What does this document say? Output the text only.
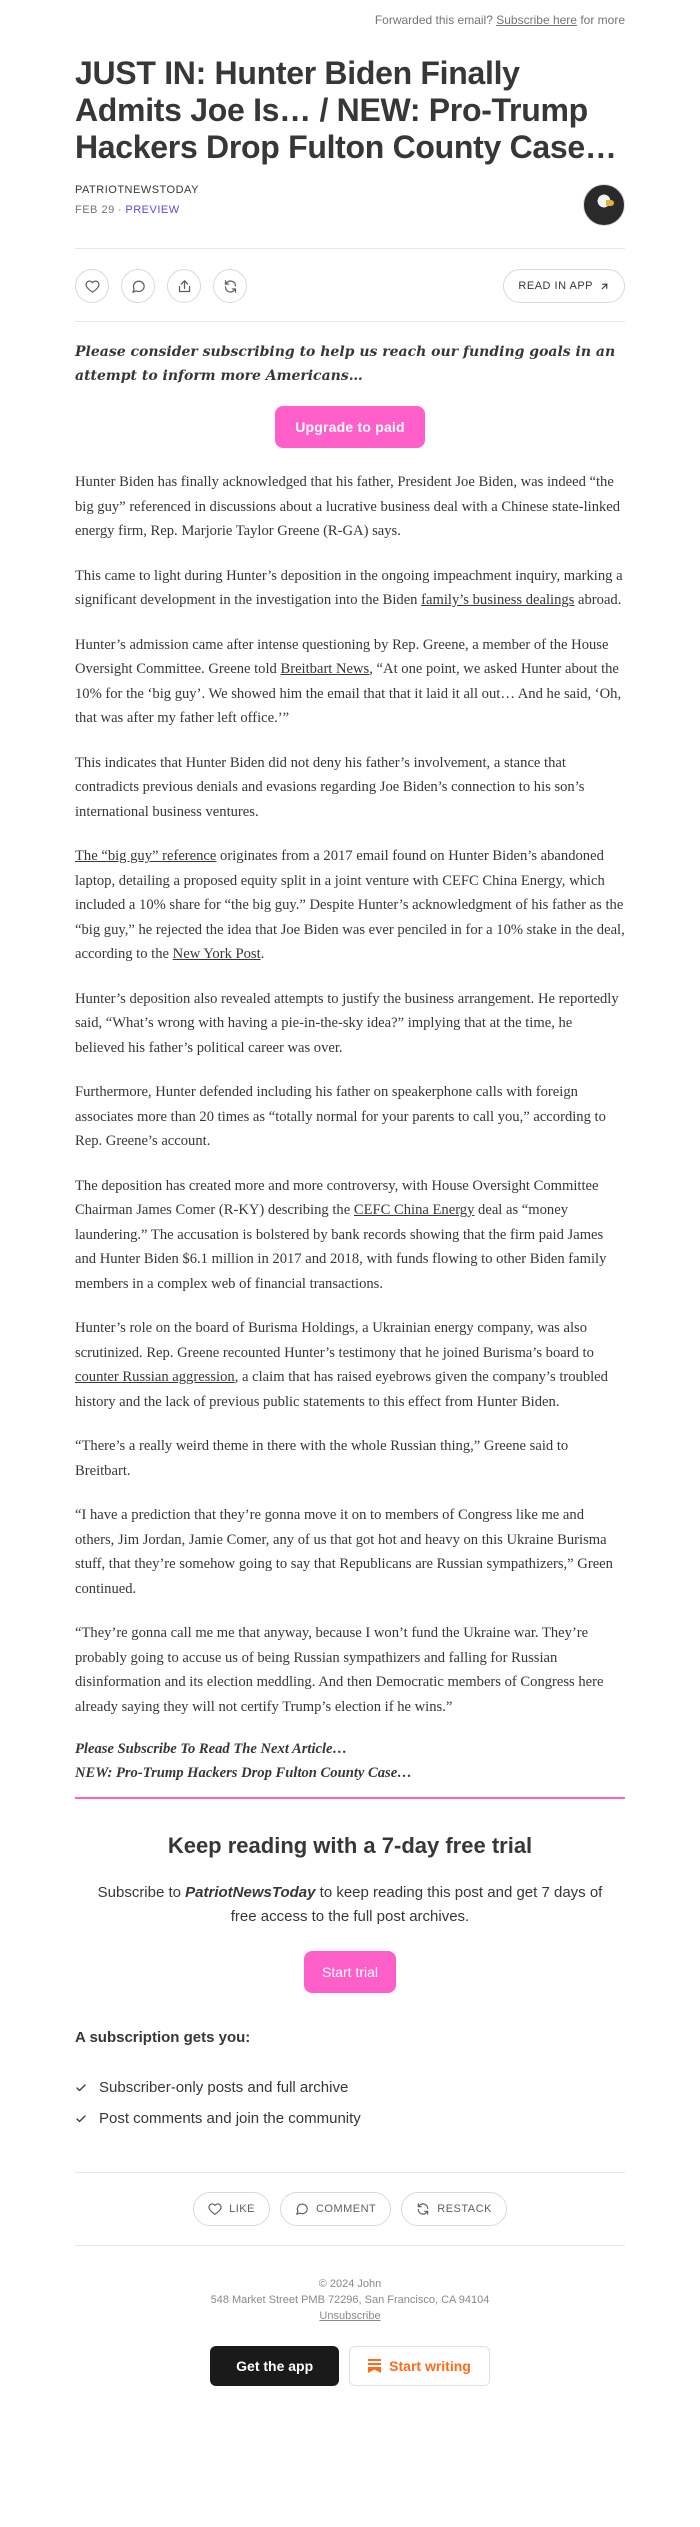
Forwarded this email? Subscribe here for more
JUST IN: Hunter Biden Finally Admits Joe Is… / NEW: Pro-Trump Hackers Drop Fulton County Case…
PATRIOTNEWSTODAY
FEB 29 ∙ PREVIEW
READ IN APP
Please consider subscribing to help us reach our funding goals in an attempt to inform more Americans…
Upgrade to paid

Hunter Biden has finally acknowledged that his father, President Joe Biden, was indeed “the big guy” referenced in discussions about a lucrative business deal with a Chinese state-linked energy firm, Rep. Marjorie Taylor Greene (R-GA) says.

This came to light during Hunter’s deposition in the ongoing impeachment inquiry, marking a significant development in the investigation into the Biden family’s business dealings abroad.

Hunter’s admission came after intense questioning by Rep. Greene, a member of the House Oversight Committee. Greene told Breitbart News, “At one point, we asked Hunter about the 10% for the ‘big guy’. We showed him the email that that it laid it all out… And he said, ‘Oh, that was after my father left office.’”

This indicates that Hunter Biden did not deny his father’s involvement, a stance that contradicts previous denials and evasions regarding Joe Biden’s connection to his son’s international business ventures.

The “big guy” reference originates from a 2017 email found on Hunter Biden’s abandoned laptop, detailing a proposed equity split in a joint venture with CEFC China Energy, which included a 10% share for “the big guy.” Despite Hunter’s acknowledgment of his father as the “big guy,” he rejected the idea that Joe Biden was ever penciled in for a 10% stake in the deal, according to the New York Post.

Hunter’s deposition also revealed attempts to justify the business arrangement. He reportedly said, “What’s wrong with having a pie-in-the-sky idea?” implying that at the time, he believed his father’s political career was over.

Furthermore, Hunter defended including his father on speakerphone calls with foreign associates more than 20 times as “totally normal for your parents to call you,” according to Rep. Greene’s account.

The deposition has created more and more controversy, with House Oversight Committee Chairman James Comer (R-KY) describing the CEFC China Energy deal as “money laundering.” The accusation is bolstered by bank records showing that the firm paid James and Hunter Biden $6.1 million in 2017 and 2018, with funds flowing to other Biden family members in a complex web of financial transactions.

Hunter’s role on the board of Burisma Holdings, a Ukrainian energy company, was also scrutinized. Rep. Greene recounted Hunter’s testimony that he joined Burisma’s board to counter Russian aggression, a claim that has raised eyebrows given the company’s troubled history and the lack of previous public statements to this effect from Hunter Biden.

“There’s a really weird theme in there with the whole Russian thing,” Greene said to Breitbart.

“I have a prediction that they’re gonna move it on to members of Congress like me and others, Jim Jordan, Jamie Comer, any of us that got hot and heavy on this Ukraine Burisma stuff, that they’re somehow going to say that Republicans are Russian sympathizers,” Green continued.

“They’re gonna call me me that anyway, because I won’t fund the Ukraine war. They’re probably going to accuse us of being Russian sympathizers and falling for Russian disinformation and its election meddling. And then Democratic members of Congress here already saying they will not certify Trump’s election if he wins.”

Please Subscribe To Read The Next Article…
NEW: Pro-Trump Hackers Drop Fulton County Case…
Keep reading with a 7-day free trial
Subscribe to PatriotNewsToday to keep reading this post and get 7 days of free access to the full post archives.
Start trial
A subscription gets you:
Subscriber-only posts and full archive
Post comments and join the community
LIKE	COMMENT	RESTACK
© 2024 John
548 Market Street PMB 72296, San Francisco, CA 94104
Unsubscribe
Get the app	Start writing
